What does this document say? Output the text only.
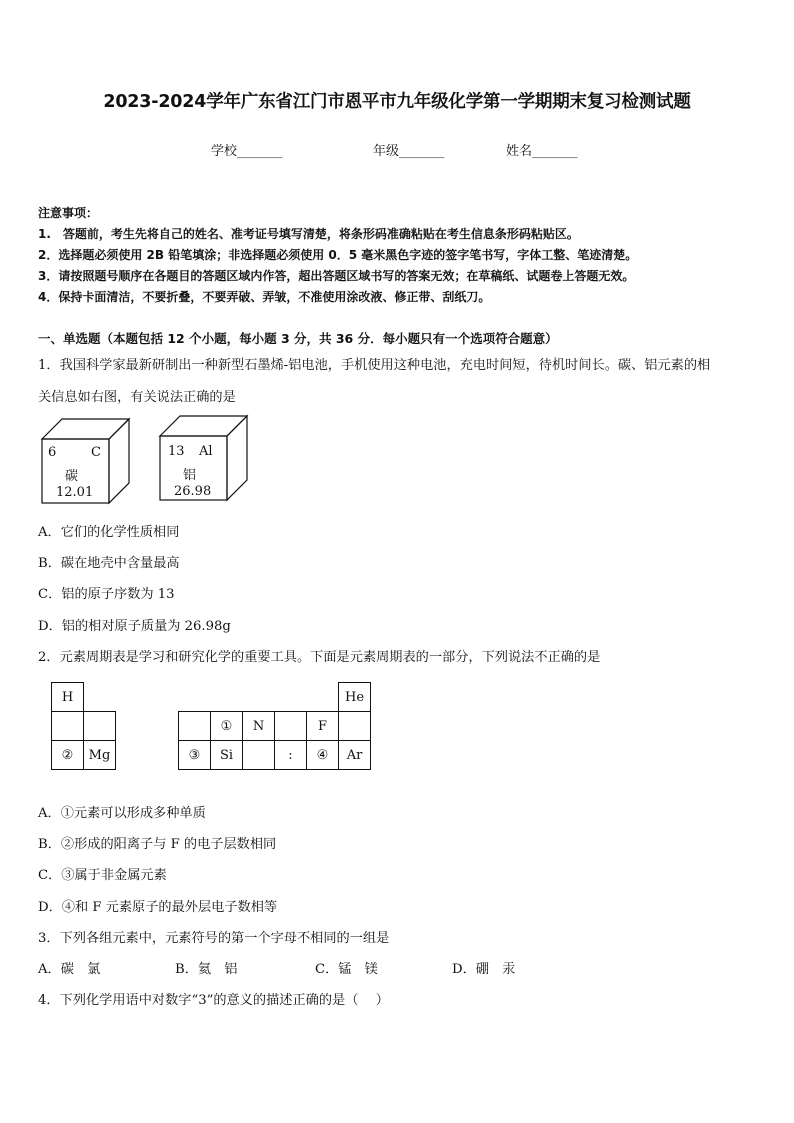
2023-2024学年广东省江门市恩平市九年级化学第一学期期末复习检测试题
学校_______	年级_______	姓名_______
注意事项：
1.　答题前，考生先将自己的姓名、准考证号填写清楚，将条形码准确粘贴在考生信息条形码粘贴区。
2．选择题必须使用 2B 铅笔填涂；非选择题必须使用 0．5 毫米黑色字迹的签字笔书写，字体工整、笔迹清楚。
3．请按照题号顺序在各题目的答题区域内作答，超出答题区域书写的答案无效；在草稿纸、试题卷上答题无效。
4．保持卡面清洁，不要折叠，不要弄破、弄皱，不准使用涂改液、修正带、刮纸刀。
一、单选题（本题包括 12 个小题，每小题 3 分，共 36 分．每小题只有一个选项符合题意）
1．我国科学家最新研制出一种新型石墨烯-铝电池，手机使用这种电池，充电时间短，待机时间长。碳、铝元素的相
关信息如右图，有关说法正确的是
6	C
碳
12.01
13 Al
铝
26.98
A．它们的化学性质相同
B．碳在地壳中含量最高
C．铝的原子序数为 13
D．铝的相对原子质量为 26.98g
2．元素周期表是学习和研究化学的重要工具。下面是元素周期表的一部分，下列说法不正确的是
H									He
					①	N		F	
②	Mg			③	Si		:	④	Ar
A．①元素可以形成多种单质
B．②形成的阳离子与 F 的电子层数相同
C．③属于非金属元素
D．④和 F 元素原子的最外层电子数相等
3．下列各组元素中，元素符号的第一个字母不相同的一组是
A．碳　氯	B．氦　铝	C．锰　镁	D．硼　汞
4．下列化学用语中对数字“3”的意义的描述正确的是（　 ）
